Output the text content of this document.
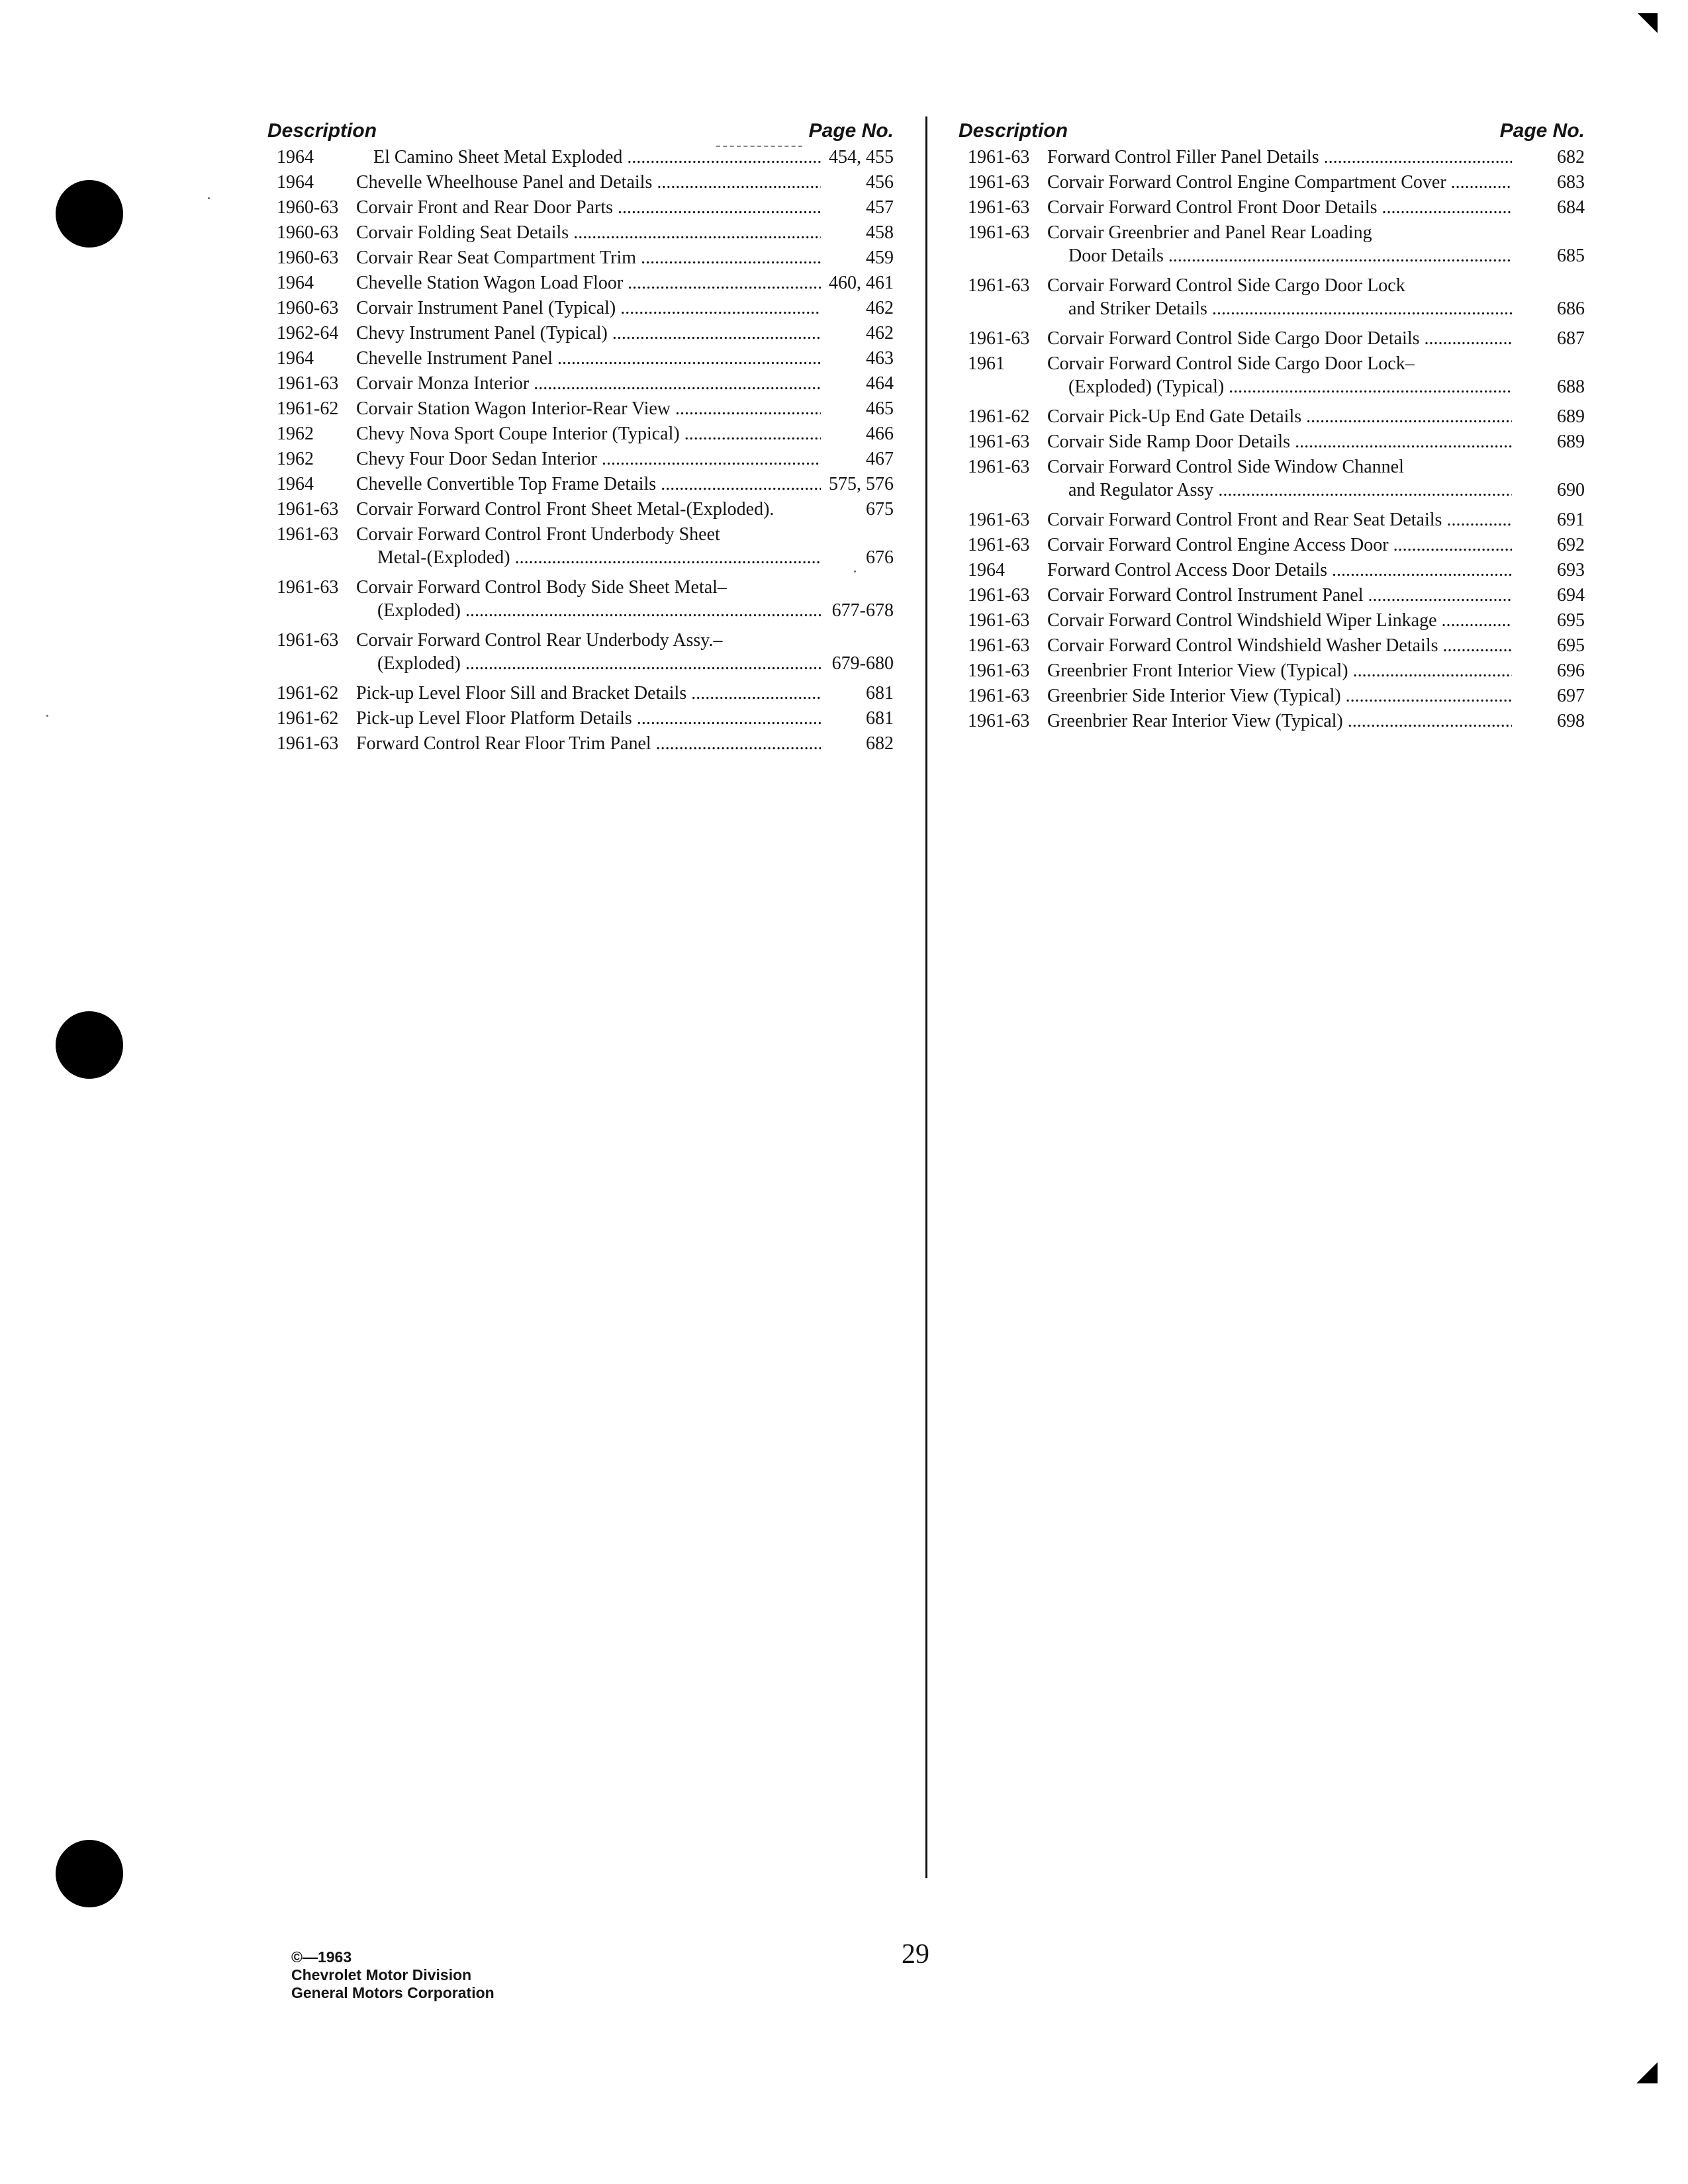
Description	Page No.
1964	El Camino Sheet Metal Exploded .....	454, 455
1964	Chevelle Wheelhouse Panel and Details .....	456
1960-63 Corvair Front and Rear Door Parts .....	457
1960-63 Corvair Folding Seat Details .....	458
1960-63 Corvair Rear Seat Compartment Trim .....	459
1964	Chevelle Station Wagon Load Floor .....	460, 461
1960-63 Corvair Instrument Panel (Typical) .....	462
1962-64 Chevy Instrument Panel (Typical) .....	462
1964	Chevelle Instrument Panel .....	463
1961-63 Corvair Monza Interior .....	464
1961-62 Corvair Station Wagon Interior-Rear View .....	465
1962	Chevy Nova Sport Coupe Interior (Typical) .....	466
1962	Chevy Four Door Sedan Interior .....	467
1964	Chevelle Convertible Top Frame Details .....	575, 576
1961-63 Corvair Forward Control Front Sheet Metal-(Exploded).	675
1961-63 Corvair Forward Control Front Underbody Sheet
Metal-(Exploded) .....	676
1961-63 Corvair Forward Control Body Side Sheet Metal–
(Exploded) .....	677-678
1961-63 Corvair Forward Control Rear Underbody Assy.–
(Exploded) .....	679-680
1961-62 Pick-up Level Floor Sill and Bracket Details .....	681
1961-62 Pick-up Level Floor Platform Details .....	681
1961-63 Forward Control Rear Floor Trim Panel .....	682
Description	Page No.
1961-63 Forward Control Filler Panel Details .....	682
1961-63 Corvair Forward Control Engine Compartment Cover .....	683
1961-63 Corvair Forward Control Front Door Details .....	684
1961-63 Corvair Greenbrier and Panel Rear Loading
Door Details .....	685
1961-63 Corvair Forward Control Side Cargo Door Lock
and Striker Details .....	686
1961-63 Corvair Forward Control Side Cargo Door Details .....	687
1961	Corvair Forward Control Side Cargo Door Lock–
(Exploded) (Typical) .....	688
1961-62 Corvair Pick-Up End Gate Details .....	689
1961-63 Corvair Side Ramp Door Details .....	689
1961-63 Corvair Forward Control Side Window Channel
and Regulator Assy .....	690
1961-63 Corvair Forward Control Front and Rear Seat Details .....	691
1961-63 Corvair Forward Control Engine Access Door .....	692
1964	Forward Control Access Door Details .....	693
1961-63 Corvair Forward Control Instrument Panel .....	694
1961-63 Corvair Forward Control Windshield Wiper Linkage .....	695
1961-63 Corvair Forward Control Windshield Washer Details .....	695
1961-63 Greenbrier Front Interior View (Typical) .....	696
1961-63 Greenbrier Side Interior View (Typical) .....	697
1961-63 Greenbrier Rear Interior View (Typical) .....	698
29
©—1963
Chevrolet Motor Division
General Motors Corporation
